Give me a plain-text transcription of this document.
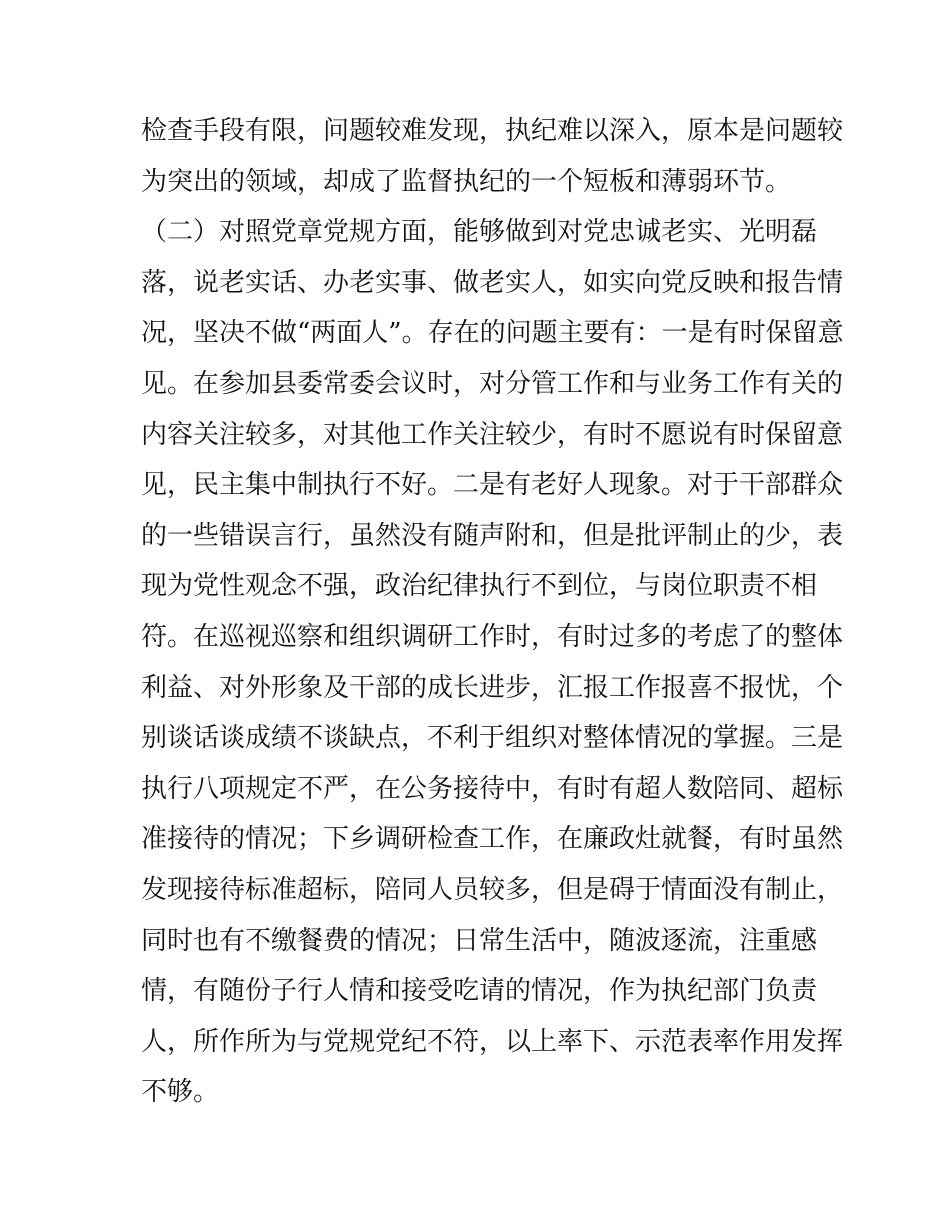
检查手段有限，问题较难发现，执纪难以深入，原本是问题较
为突出的领域，却成了监督执纪的一个短板和薄弱环节。
（二）对照党章党规方面，能够做到对党忠诚老实、光明磊
落，说老实话、办老实事、做老实人，如实向党反映和报告情
况，坚决不做“两面人”。存在的问题主要有：一是有时保留意
见。在参加县委常委会议时，对分管工作和与业务工作有关的
内容关注较多，对其他工作关注较少，有时不愿说有时保留意
见，民主集中制执行不好。二是有老好人现象。对于干部群众
的一些错误言行，虽然没有随声附和，但是批评制止的少，表
现为党性观念不强，政治纪律执行不到位，与岗位职责不相
符。在巡视巡察和组织调研工作时，有时过多的考虑了的整体
利益、对外形象及干部的成长进步，汇报工作报喜不报忧，个
别谈话谈成绩不谈缺点，不利于组织对整体情况的掌握。三是
执行八项规定不严，在公务接待中，有时有超人数陪同、超标
准接待的情况；下乡调研检查工作，在廉政灶就餐，有时虽然
发现接待标准超标，陪同人员较多，但是碍于情面没有制止，
同时也有不缴餐费的情况；日常生活中，随波逐流，注重感
情，有随份子行人情和接受吃请的情况，作为执纪部门负责
人，所作所为与党规党纪不符，以上率下、示范表率作用发挥
不够。
